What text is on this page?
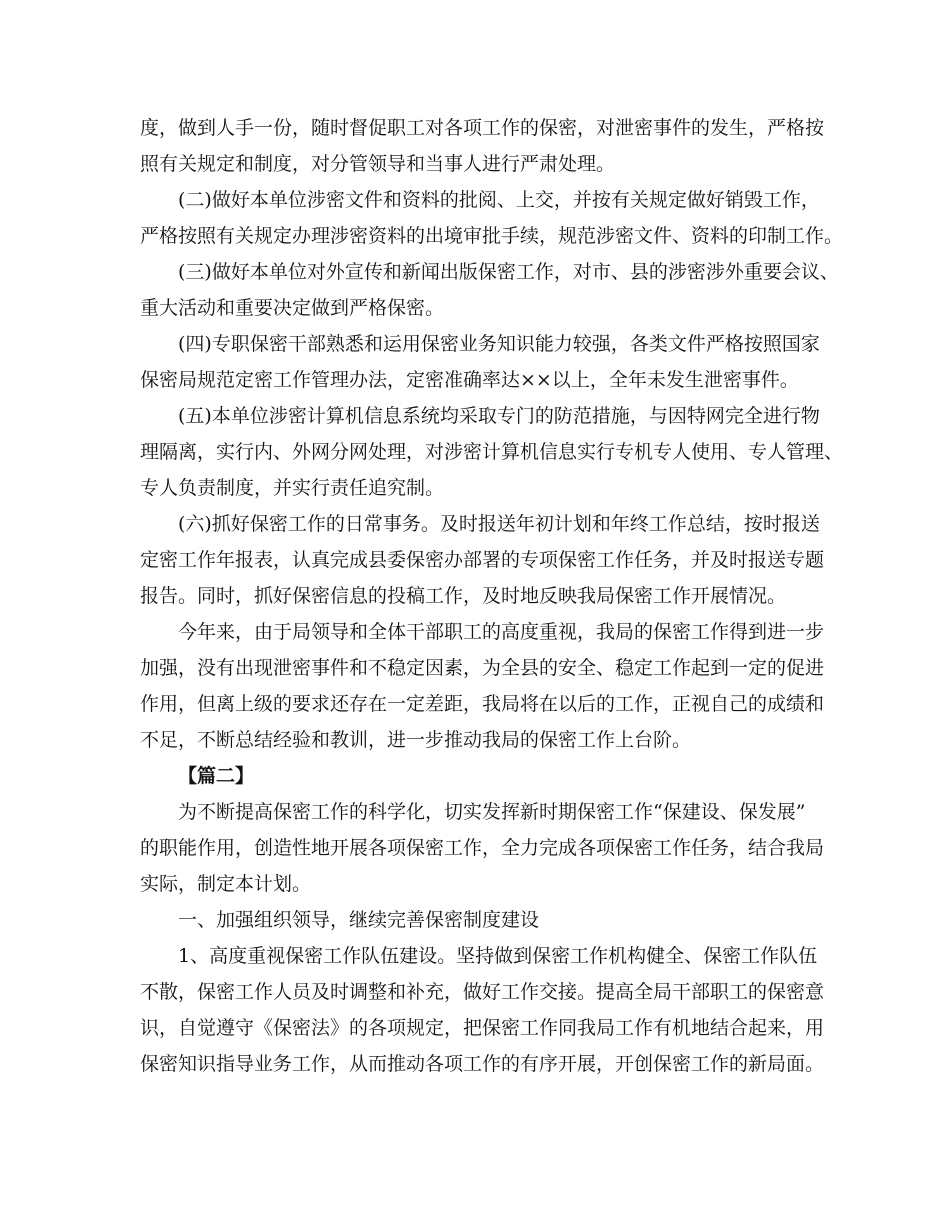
度，做到人手一份，随时督促职工对各项工作的保密，对泄密事件的发生，严格按
照有关规定和制度，对分管领导和当事人进行严肃处理。
(二)做好本单位涉密文件和资料的批阅、上交，并按有关规定做好销毁工作，
严格按照有关规定办理涉密资料的出境审批手续，规范涉密文件、资料的印制工作。
(三)做好本单位对外宣传和新闻出版保密工作，对市、县的涉密涉外重要会议、
重大活动和重要决定做到严格保密。
(四)专职保密干部熟悉和运用保密业务知识能力较强，各类文件严格按照国家
保密局规范定密工作管理办法，定密准确率达××以上，全年未发生泄密事件。
(五)本单位涉密计算机信息系统均采取专门的防范措施，与因特网完全进行物
理隔离，实行内、外网分网处理，对涉密计算机信息实行专机专人使用、专人管理、
专人负责制度，并实行责任追究制。
(六)抓好保密工作的日常事务。及时报送年初计划和年终工作总结，按时报送
定密工作年报表，认真完成县委保密办部署的专项保密工作任务，并及时报送专题
报告。同时，抓好保密信息的投稿工作，及时地反映我局保密工作开展情况。
今年来，由于局领导和全体干部职工的高度重视，我局的保密工作得到进一步
加强，没有出现泄密事件和不稳定因素，为全县的安全、稳定工作起到一定的促进
作用，但离上级的要求还存在一定差距，我局将在以后的工作，正视自己的成绩和
不足，不断总结经验和教训，进一步推动我局的保密工作上台阶。
【篇二】
为不断提高保密工作的科学化，切实发挥新时期保密工作“保建设、保发展”
的职能作用，创造性地开展各项保密工作，全力完成各项保密工作任务，结合我局
实际，制定本计划。
一、加强组织领导，继续完善保密制度建设
1、高度重视保密工作队伍建设。坚持做到保密工作机构健全、保密工作队伍
不散，保密工作人员及时调整和补充，做好工作交接。提高全局干部职工的保密意
识，自觉遵守《保密法》的各项规定，把保密工作同我局工作有机地结合起来，用
保密知识指导业务工作，从而推动各项工作的有序开展，开创保密工作的新局面。
